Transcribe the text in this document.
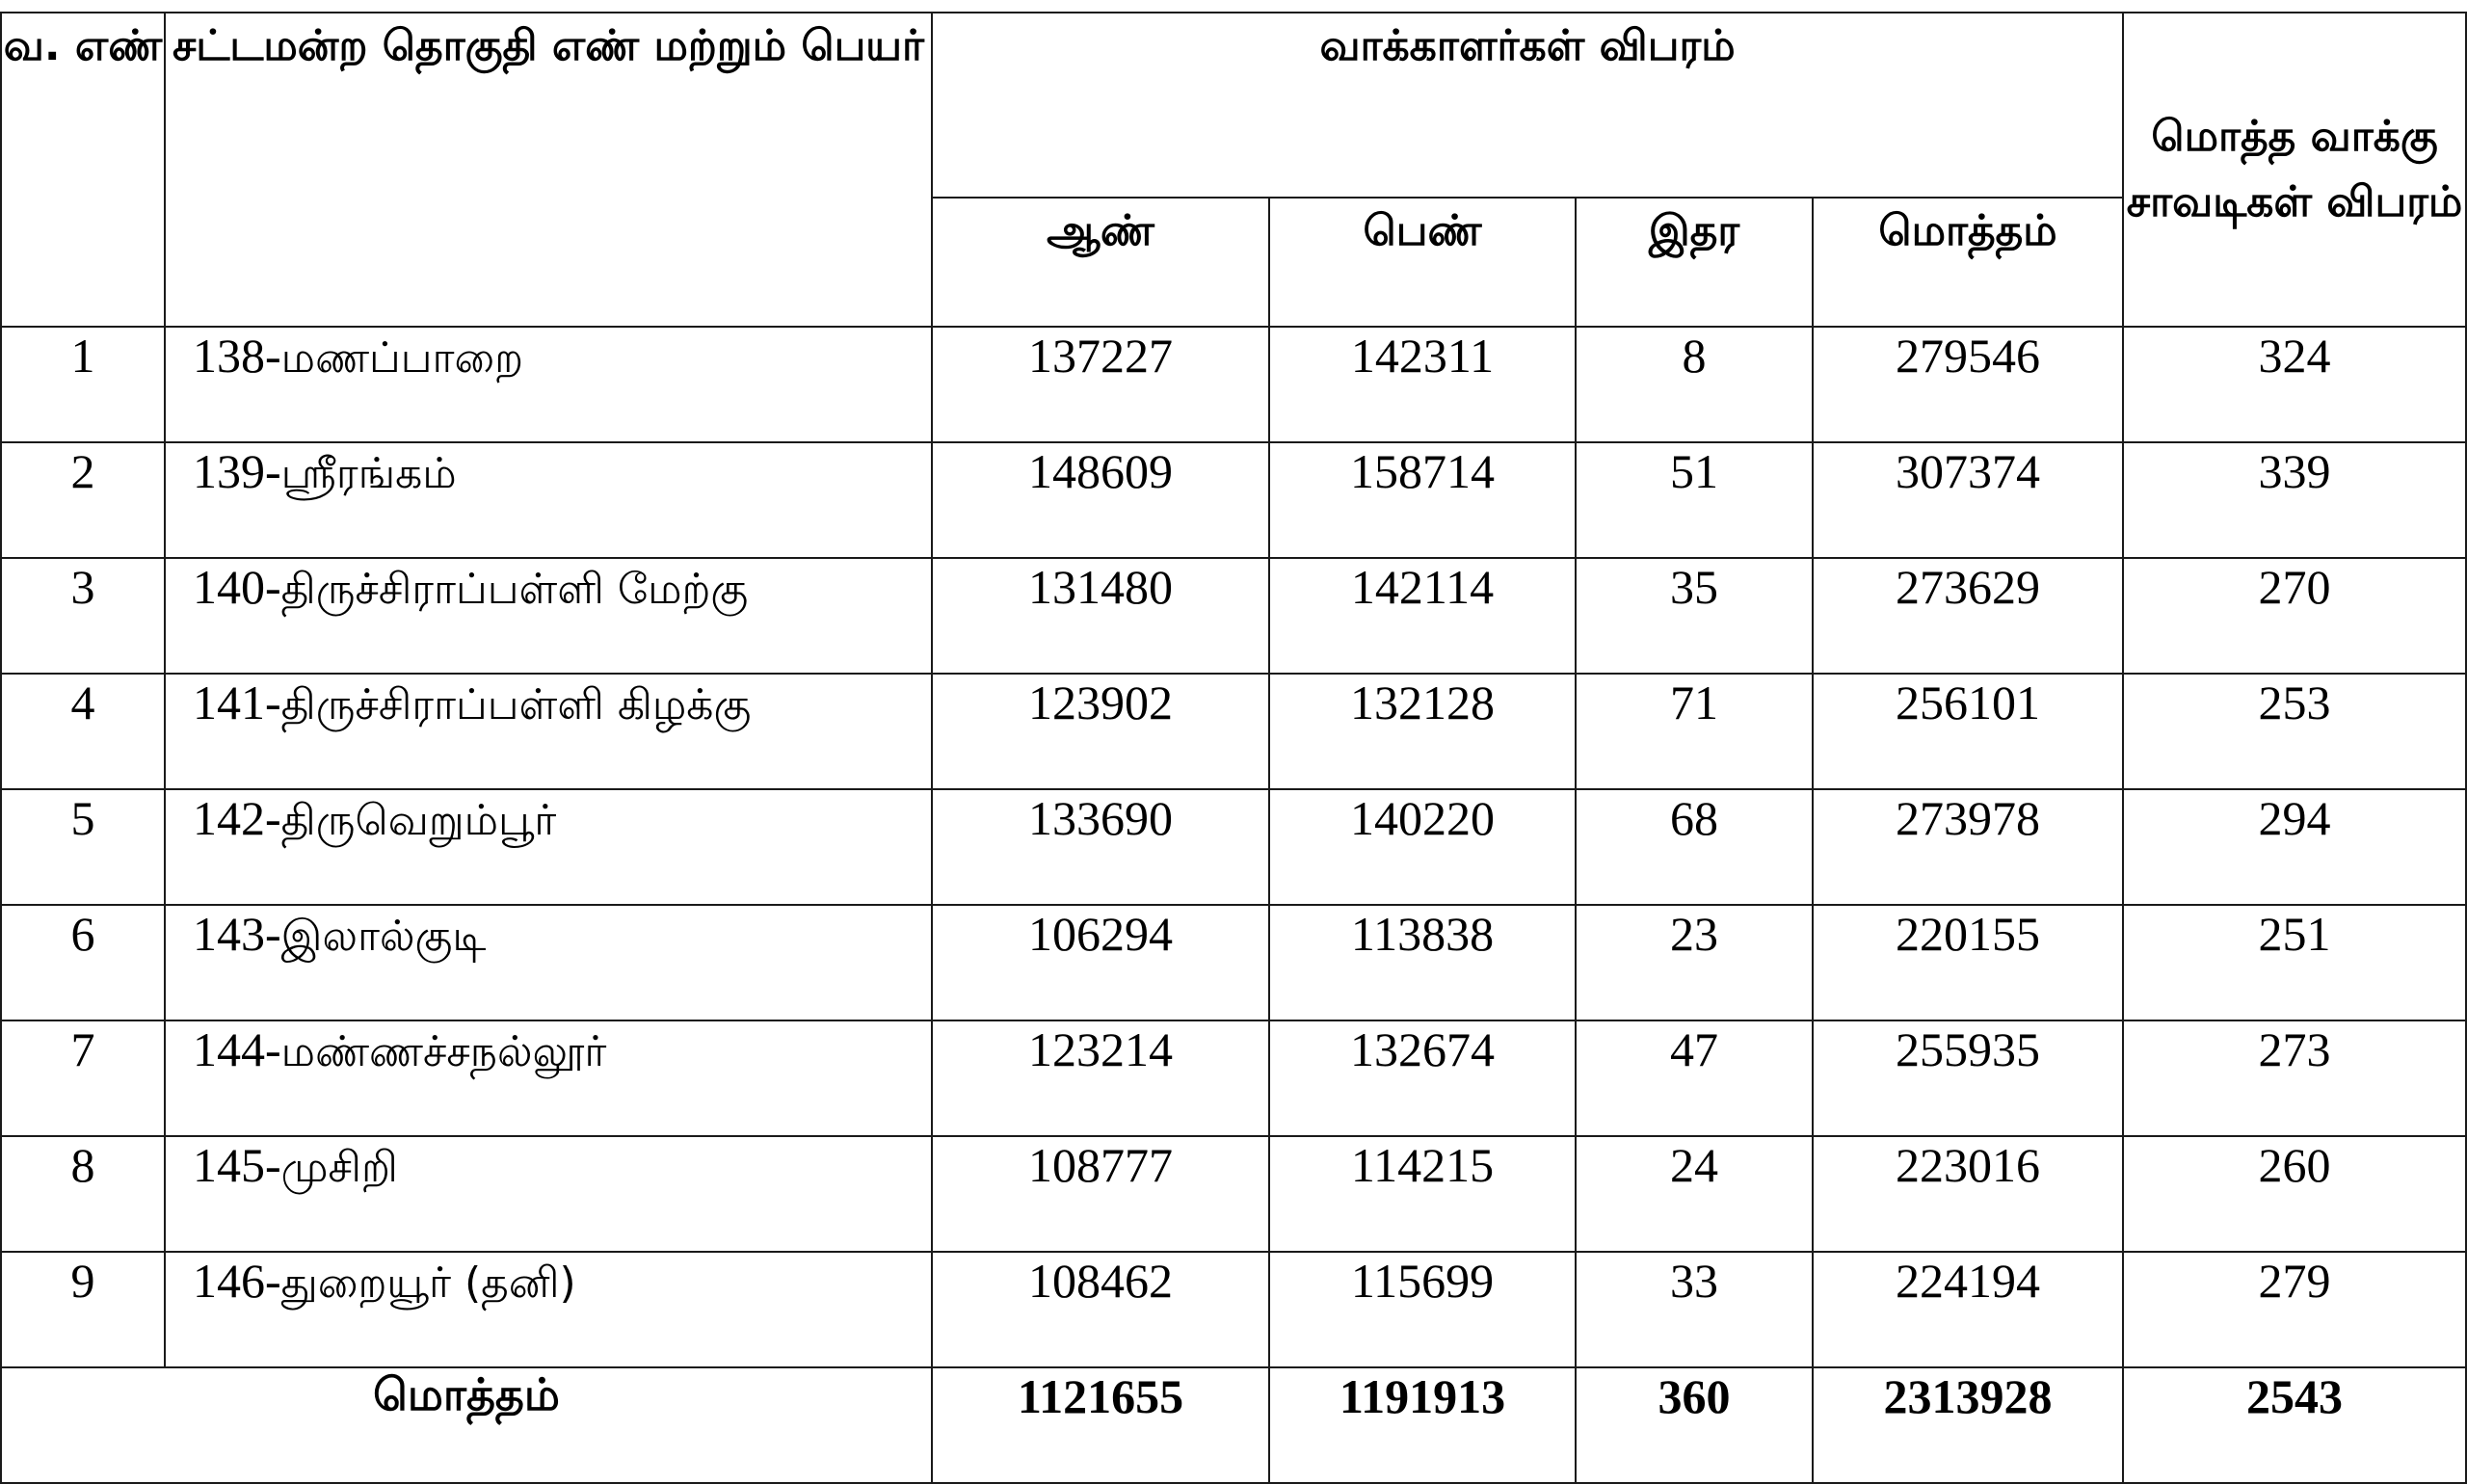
வ. எண்	சட்டமன்ற தொகுதி எண் மற்றும் பெயர்	வாக்காளர்கள் விபரம்				மொத்த வாக்கு சாவடிகள் விபரம்
		ஆண்	பெண்	இதர	மொத்தம்	
1	138-மணப்பாறை	137227	142311	8	279546	324
2	139-ஸ்ரீரங்கம்	148609	158714	51	307374	339
3	140-திருச்சிராப்பள்ளி மேற்கு	131480	142114	35	273629	270
4	141-திருச்சிராப்பள்ளி கிழக்கு	123902	132128	71	256101	253
5	142-திருவெறும்பூர்	133690	140220	68	273978	294
6	143-இலால்குடி	106294	113838	23	220155	251
7	144-மண்ணச்சநல்லூர்	123214	132674	47	255935	273
8	145-முசிறி	108777	114215	24	223016	260
9	146-துறையூர் (தனி)	108462	115699	33	224194	279
மொத்தம்		1121655	1191913	360	2313928	2543
